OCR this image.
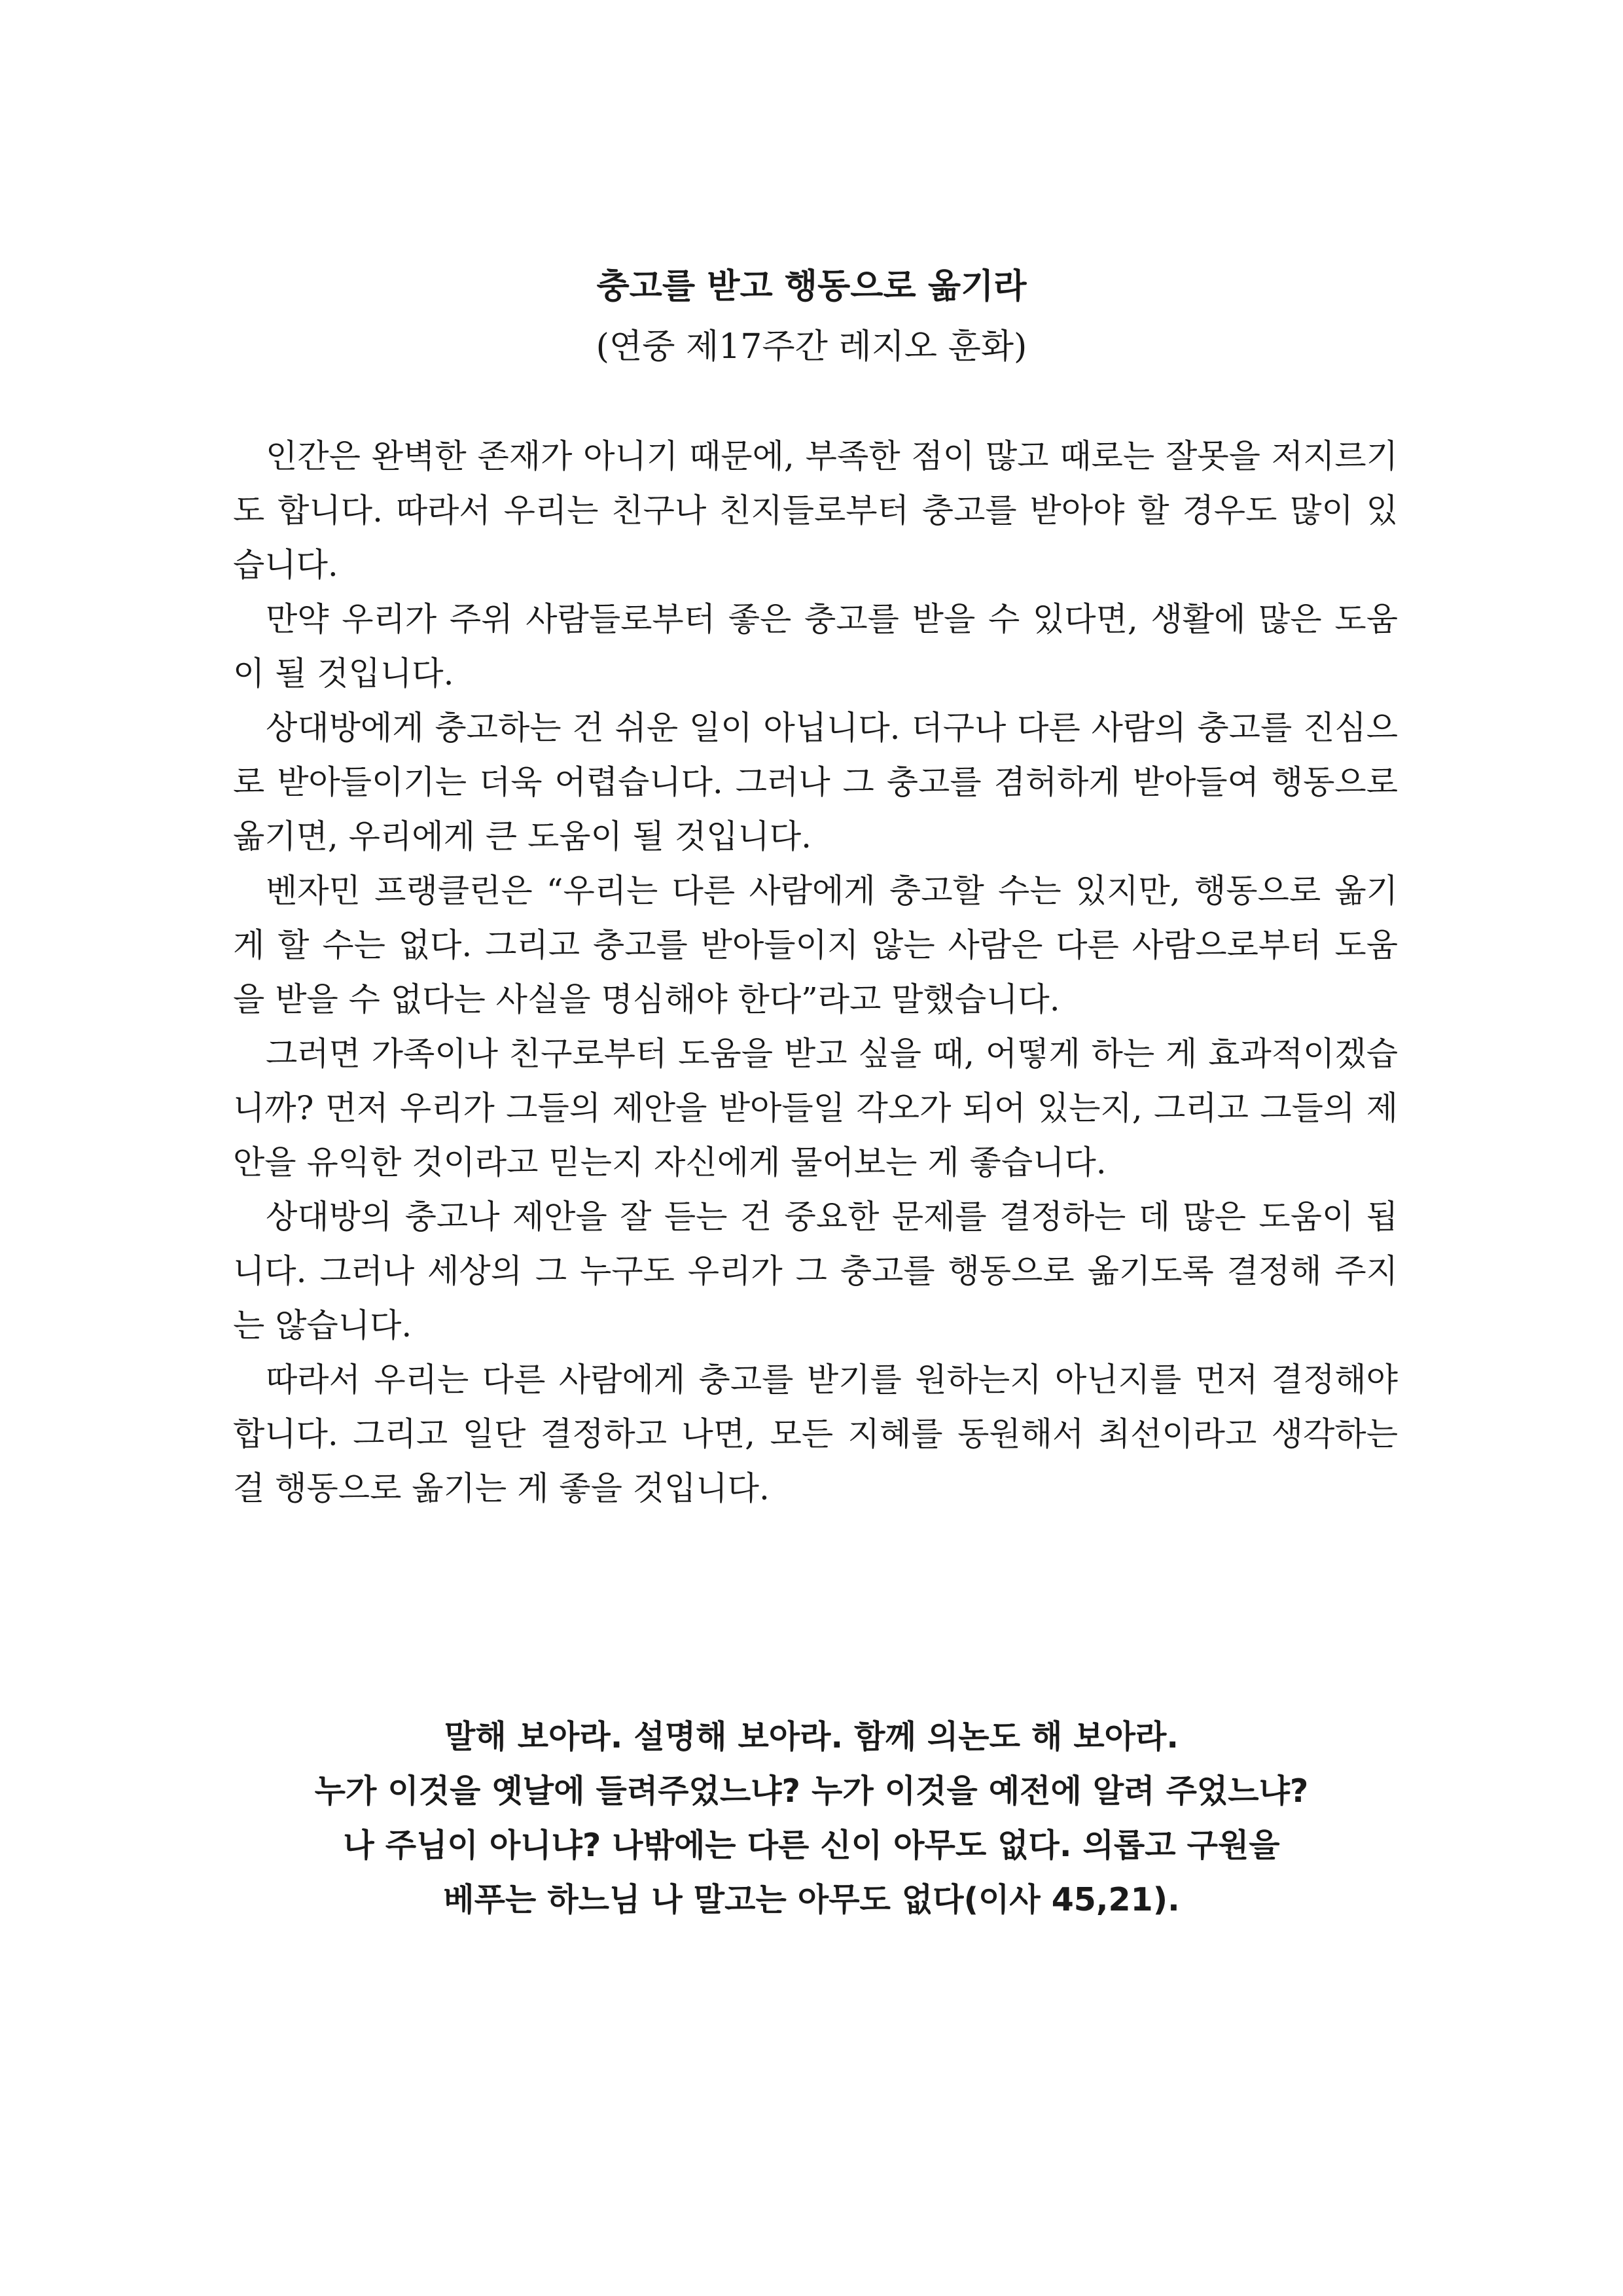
충고를 받고 행동으로 옮기라

(연중 제17주간 레지오 훈화)

인간은 완벽한 존재가 아니기 때문에, 부족한 점이 많고 때로는 잘못을 저지르기도 합니다. 따라서 우리는 친구나 친지들로부터 충고를 받아야 할 경우도 많이 있습니다.

만약 우리가 주위 사람들로부터 좋은 충고를 받을 수 있다면, 생활에 많은 도움이 될 것입니다.

상대방에게 충고하는 건 쉬운 일이 아닙니다. 더구나 다른 사람의 충고를 진심으로 받아들이기는 더욱 어렵습니다. 그러나 그 충고를 겸허하게 받아들여 행동으로 옮기면, 우리에게 큰 도움이 될 것입니다.

벤자민 프랭클린은 “우리는 다른 사람에게 충고할 수는 있지만, 행동으로 옮기게 할 수는 없다. 그리고 충고를 받아들이지 않는 사람은 다른 사람으로부터 도움을 받을 수 없다는 사실을 명심해야 한다”라고 말했습니다.

그러면 가족이나 친구로부터 도움을 받고 싶을 때, 어떻게 하는 게 효과적이겠습니까? 먼저 우리가 그들의 제안을 받아들일 각오가 되어 있는지, 그리고 그들의 제안을 유익한 것이라고 믿는지 자신에게 물어보는 게 좋습니다.

상대방의 충고나 제안을 잘 듣는 건 중요한 문제를 결정하는 데 많은 도움이 됩니다. 그러나 세상의 그 누구도 우리가 그 충고를 행동으로 옮기도록 결정해 주지는 않습니다.

따라서 우리는 다른 사람에게 충고를 받기를 원하는지 아닌지를 먼저 결정해야 합니다. 그리고 일단 결정하고 나면, 모든 지혜를 동원해서 최선이라고 생각하는 걸 행동으로 옮기는 게 좋을 것입니다.

말해 보아라. 설명해 보아라. 함께 의논도 해 보아라.
누가 이것을 옛날에 들려주었느냐? 누가 이것을 예전에 알려 주었느냐?
나 주님이 아니냐? 나밖에는 다른 신이 아무도 없다. 의롭고 구원을
베푸는 하느님 나 말고는 아무도 없다(이사 45,21).
